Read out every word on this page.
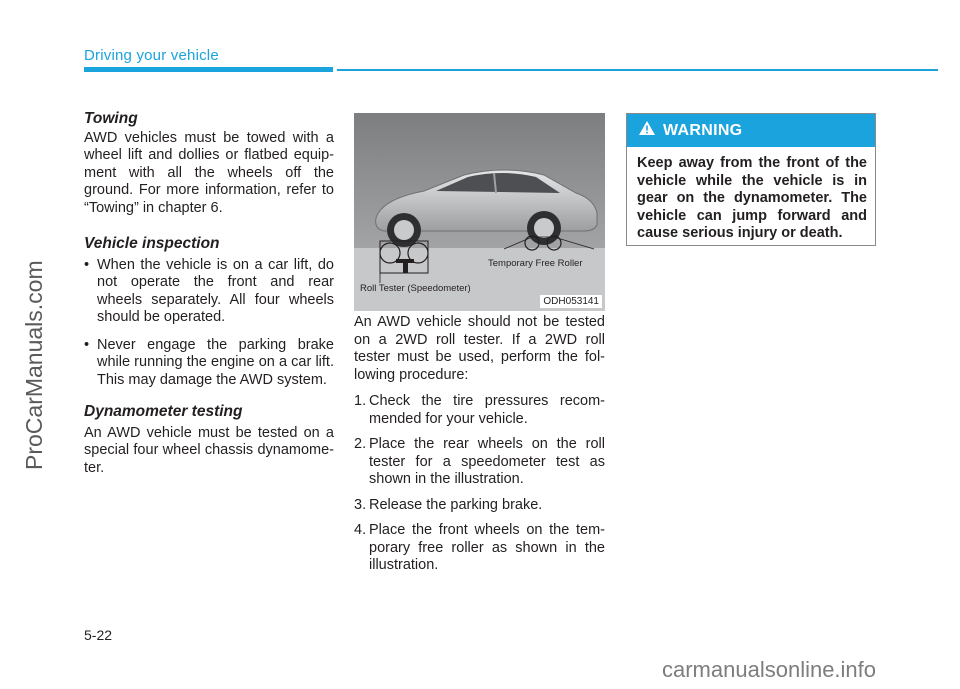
Driving your vehicle
ProCarManuals.com
Towing

AWD vehicles must be towed with a wheel lift and dollies or flatbed equip-ment with all the wheels off the ground. For more information, refer to “Towing” in chapter 6.

Vehicle inspection
• When the vehicle is on a car lift, do not operate the front and rear wheels separately. All four wheels should be operated.
• Never engage the parking brake while running the engine on a car lift. This may damage the AWD system.
Dynamometer testing

An AWD vehicle must be tested on a special four wheel chassis dynamome-ter.

Roll Tester (Speedometer)
Temporary Free Roller
ODH053141

An AWD vehicle should not be tested on a 2WD roll tester. If a 2WD roll tester must be used, perform the fol-lowing procedure:

1. Check the tire pressures recom-mended for your vehicle.
2. Place the rear wheels on the roll tester for a speedometer test as shown in the illustration.
3. Release the parking brake.
4. Place the front wheels on the tem-porary free roller as shown in the illustration.
WARNING
Keep away from the front of the vehicle while the vehicle is in gear on the dynamometer. The vehicle can jump forward and cause serious injury or death.
5-22
carmanualsonline.info
